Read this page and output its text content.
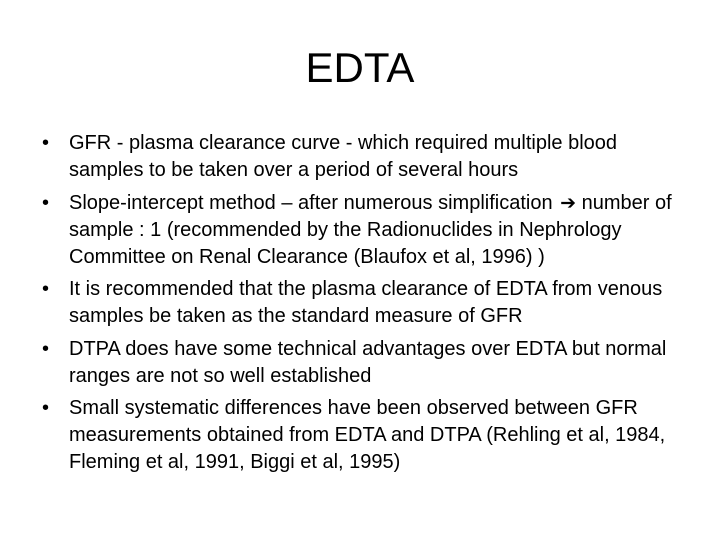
EDTA
• GFR - plasma clearance curve - which required multiple blood samples to be taken over a period of several hours
• Slope-intercept method – after numerous simplification ➔ number of sample : 1 (recommended by the Radionuclides in Nephrology Committee on Renal Clearance (Blaufox et al, 1996) )
• It is recommended that the plasma clearance of EDTA from venous samples be taken as the standard measure of GFR
• DTPA does have some technical advantages over EDTA but normal ranges are not so well established
• Small systematic differences have been observed between GFR measurements obtained from EDTA and DTPA (Rehling et al, 1984, Fleming et al, 1991, Biggi et al, 1995)
